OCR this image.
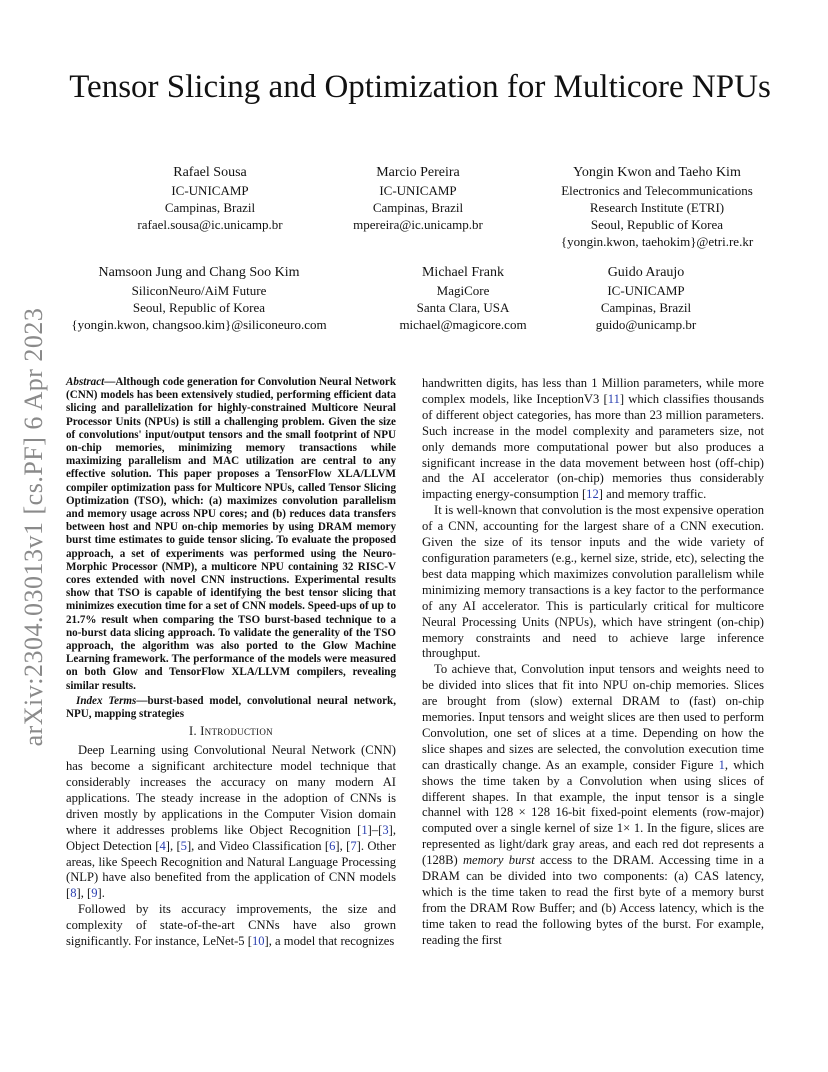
arXiv:2304.03013v1 [cs.PF] 6 Apr 2023
Tensor Slicing and Optimization for Multicore NPUs
Rafael Sousa
IC-UNICAMP
Campinas, Brazil
rafael.sousa@ic.unicamp.br
Marcio Pereira
IC-UNICAMP
Campinas, Brazil
mpereira@ic.unicamp.br
Yongin Kwon and Taeho Kim
Electronics and Telecommunications
Research Institute (ETRI)
Seoul, Republic of Korea
{yongin.kwon, taehokim}@etri.re.kr
Namsoon Jung and Chang Soo Kim
SiliconNeuro/AiM Future
Seoul, Republic of Korea
{yongin.kwon, changsoo.kim}@siliconeuro.com
Michael Frank
MagiCore
Santa Clara, USA
michael@magicore.com
Guido Araujo
IC-UNICAMP
Campinas, Brazil
guido@unicamp.br

Abstract—Although code generation for Convolution Neural Network (CNN) models has been extensively studied, performing efficient data slicing and parallelization for highly-constrained Multicore Neural Processor Units (NPUs) is still a challenging problem. Given the size of convolutions' input/output tensors and the small footprint of NPU on-chip memories, minimizing memory transactions while maximizing parallelism and MAC utilization are central to any effective solution. This paper proposes a TensorFlow XLA/LLVM compiler optimization pass for Multicore NPUs, called Tensor Slicing Optimization (TSO), which: (a) maximizes convolution parallelism and memory usage across NPU cores; and (b) reduces data transfers between host and NPU on-chip memories by using DRAM memory burst time estimates to guide tensor slicing. To evaluate the proposed approach, a set of experiments was performed using the Neuro-Morphic Processor (NMP), a multicore NPU containing 32 RISC-V cores extended with novel CNN instructions. Experimental results show that TSO is capable of identifying the best tensor slicing that minimizes execution time for a set of CNN models. Speed-ups of up to 21.7% result when comparing the TSO burst-based technique to a no-burst data slicing approach. To validate the generality of the TSO approach, the algorithm was also ported to the Glow Machine Learning framework. The performance of the models were measured on both Glow and TensorFlow XLA/LLVM compilers, revealing similar results.

Index Terms—burst-based model, convolutional neural network, NPU, mapping strategies

I. Introduction

Deep Learning using Convolutional Neural Network (CNN) has become a significant architecture model technique that considerably increases the accuracy on many modern AI applications. The steady increase in the adoption of CNNs is driven mostly by applications in the Computer Vision domain where it addresses problems like Object Recognition [ 1 ] –[ 3 ] , Object Detection [ 4 ] , [ 5 ] , and Video Classification [ 6 ] , [ 7 ] . Other areas, like Speech Recognition and Natural Language Processing (NLP) have also benefited from the application of CNN models [ 8 ] , [ 9 ] .

Followed by its accuracy improvements, the size and complexity of state-of-the-art CNNs have also grown significantly. For instance, LeNet-5 [ 10 ] , a model that recognizes

handwritten digits, has less than 1 Million parameters, while more complex models, like InceptionV3 [ 11 ] which classifies thousands of different object categories, has more than 23 million parameters. Such increase in the model complexity and parameters size, not only demands more computational power but also produces a significant increase in the data movement between host (off-chip) and the AI accelerator (on-chip) memories thus considerably impacting energy-consumption [ 12 ] and memory traffic.

It is well-known that convolution is the most expensive operation of a CNN, accounting for the largest share of a CNN execution. Given the size of its tensor inputs and the wide variety of configuration parameters (e.g., kernel size, stride, etc), selecting the best data mapping which maximizes convolution parallelism while minimizing memory transactions is a key factor to the performance of any AI accelerator. This is particularly critical for multicore Neural Processing Units (NPUs), which have stringent (on-chip) memory constraints and need to achieve large inference throughput.

To achieve that, Convolution input tensors and weights need to be divided into slices that fit into NPU on-chip memories. Slices are brought from (slow) external DRAM to (fast) on-chip memories. Input tensors and weight slices are then used to perform Convolution, one set of slices at a time. Depending on how the slice shapes and sizes are selected, the convolution execution time can drastically change. As an example, consider Figure 1, which shows the time taken by a Convolution when using slices of different shapes. In that example, the input tensor is a single channel with 128 × 128 16-bit fixed-point elements (row-major) computed over a single kernel of size 1× 1. In the figure, slices are represented as light/dark gray areas, and each red dot represents a (128B) memory burst access to the DRAM. Accessing time in a DRAM can be divided into two components: (a) CAS latency, which is the time taken to read the first byte of a memory burst from the DRAM Row Buffer; and (b) Access latency, which is the time taken to read the following bytes of the burst. For example, reading the first
